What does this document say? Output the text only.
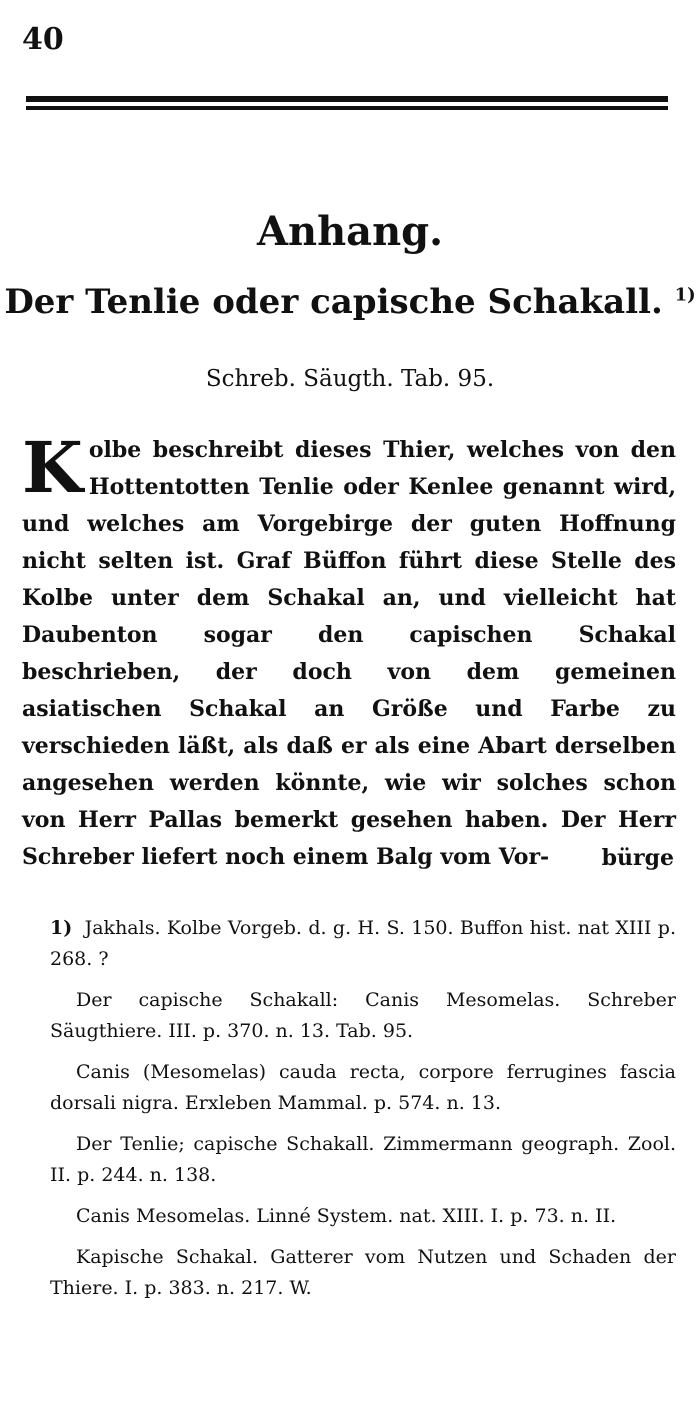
40
Anhang.
Der Tenlie oder capische Schakall. $^{1)}$
Schreb. Säugth. Tab. 95.
K olbe beschreibt dieses Thier, welches von den Hottentotten Tenlie oder Kenlee genannt wird, und welches am Vorgebirge der guten Hoffnung nicht selten ist. Graf Büffon führt diese Stelle des Kolbe unter dem Schakal an, und vielleicht hat Daubenton sogar den capischen Schakal beschrieben, der doch von dem gemeinen asiatischen Schakal an Größe und Farbe zu verschieden läßt, als daß er als eine Abart derselben angesehen werden könnte, wie wir solches schon von Herr Pallas bemerkt gesehen haben. Der Herr Schreber liefert noch einem Balg vom Vor-	bürge

1) Jakhals. Kolbe Vorgeb. d. g. H. S. 150. Buffon hist. nat XIII p. 268. ?

Der capische Schakall: Canis Mesomelas. Schreber Säugthiere. III. p. 370. n. 13. Tab. 95.

Canis (Mesomelas) cauda recta, corpore ferrugines fascia dorsali nigra. Erxleben Mammal. p. 574. n. 13.

Der Tenlie; capische Schakall. Zimmermann geograph. Zool. II. p. 244. n. 138.

Canis Mesomelas. Linné System. nat. XIII. I. p. 73. n. II.

Kapische Schakal. Gatterer vom Nutzen und Schaden der Thiere. I. p. 383. n. 217. W.
